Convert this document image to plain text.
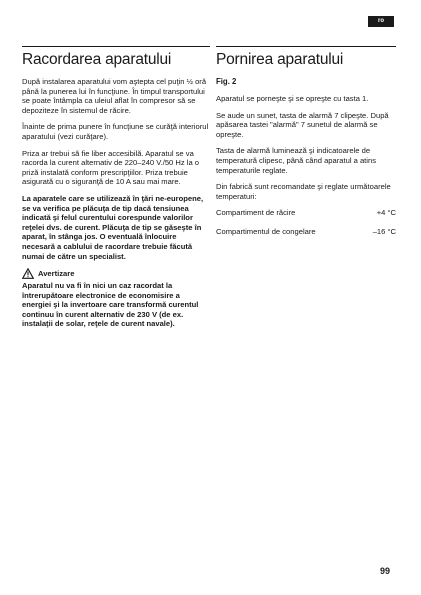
ro
Racordarea aparatului

După instalarea aparatului vom aştepta cel puţin ½ oră până la punerea lui în funcţiune. În timpul transportului se poate întâmpla ca uleiul aflat în compresor să se depoziteze în sistemul de răcire.

Înainte de prima punere în funcţiune se curăţă interiorul aparatului (vezi curăţare).

Priza ar trebui să fie liber accesibilă. Aparatul se va racorda la curent alternativ de 220–240 V./50 Hz la o priză instalată conform prescripţiilor. Priza trebuie asigurată cu o siguranţă de 10 A sau mai mare.

La aparatele care se utilizează în ţări ne-europene, se va verifica pe plăcuţa de tip dacă tensiunea indicată şi felul curentului corespunde valorilor reţelei dvs. de curent. Plăcuţa de tip se găseşte în aparat, în stânga jos. O eventuală înlocuire necesară a cablului de racordare trebuie făcută numai de către un specialist.

Avertizare

Aparatul nu va fi în nici un caz racordat la întrerupătoare electronice de economisire a energiei şi la invertoare care transformă curentul continuu în curent alternativ de 230 V (de ex. instalaţii de solar, reţele de curent navale).

Pornirea aparatului
Fig. 2

Aparatul se porneşte şi se opreşte cu tasta 1.

Se aude un sunet, tasta de alarmă 7 clipeşte. După apăsarea tastei "alarmă" 7 sunetul de alarmă se opreşte.

Tasta de alarmă luminează şi indicatoarele de temperatură clipesc, până când aparatul a atins temperaturile reglate.

Din fabrică sunt recomandate şi reglate următoarele temperaturi:

Compartiment de răcire	+4 °C
Compartimentul de congelare	–16 °C
99
